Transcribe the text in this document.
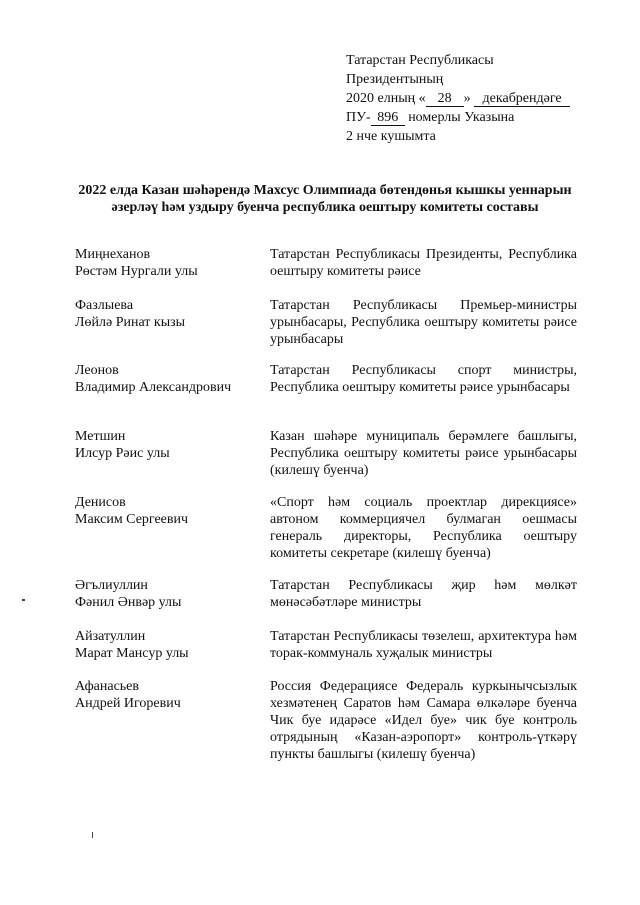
Татарстан Республикасы
Президентының
2020 елның « 28 » декабрендәге
ПУ- 896 номерлы Указына
2 нче кушымта
2022 елда Казан шәһәрендә Махсус Олимпиада бөтендөнья кышкы уеннарын әзерләү һәм уздыру буенча республика оештыру комитеты составы
Миңнеханов
Рөстәм Нургали улы
Татарстан Республикасы Президенты, Республика оештыру комитеты рәисе
Фазлыева
Лөйлә Ринат кызы
Татарстан Республикасы Премьер-министры урынбасары, Республика оештыру комитеты рәисе урынбасары
Леонов
Владимир Александрович
Татарстан Республикасы спорт министры, Республика оештыру комитеты рәисе урынбасары
Метшин
Илсур Рәис улы
Казан шәһәре муниципаль берәмлеге башлыгы, Республика оештыру комитеты рәисе урынбасары (килешү буенча)
Денисов
Максим Сергеевич
«Спорт һәм социаль проектлар дирекциясе» автоном коммерциячел булмаган оешмасы генераль директоры, Республика оештыру комитеты секретаре (килешү буенча)
Әгълиуллин
Фәнил Әнвәр улы
Татарстан Республикасы җир һәм мөлкәт мөнәсәбәтләре министры
Айзатуллин
Марат Мансур улы
Татарстан Республикасы төзелеш, архитектура һәм торак-коммуналь хуҗалык министры
Афанасьев
Андрей Игоревич
Россия Федерациясе Федераль куркынычсызлык хезмәтенең Саратов һәм Самара өлкәләре буенча Чик буе идарәсе «Идел буе» чик буе контроль отрядының «Казан-аэропорт» контроль-үткәрү пункты башлыгы (килешү буенча)
